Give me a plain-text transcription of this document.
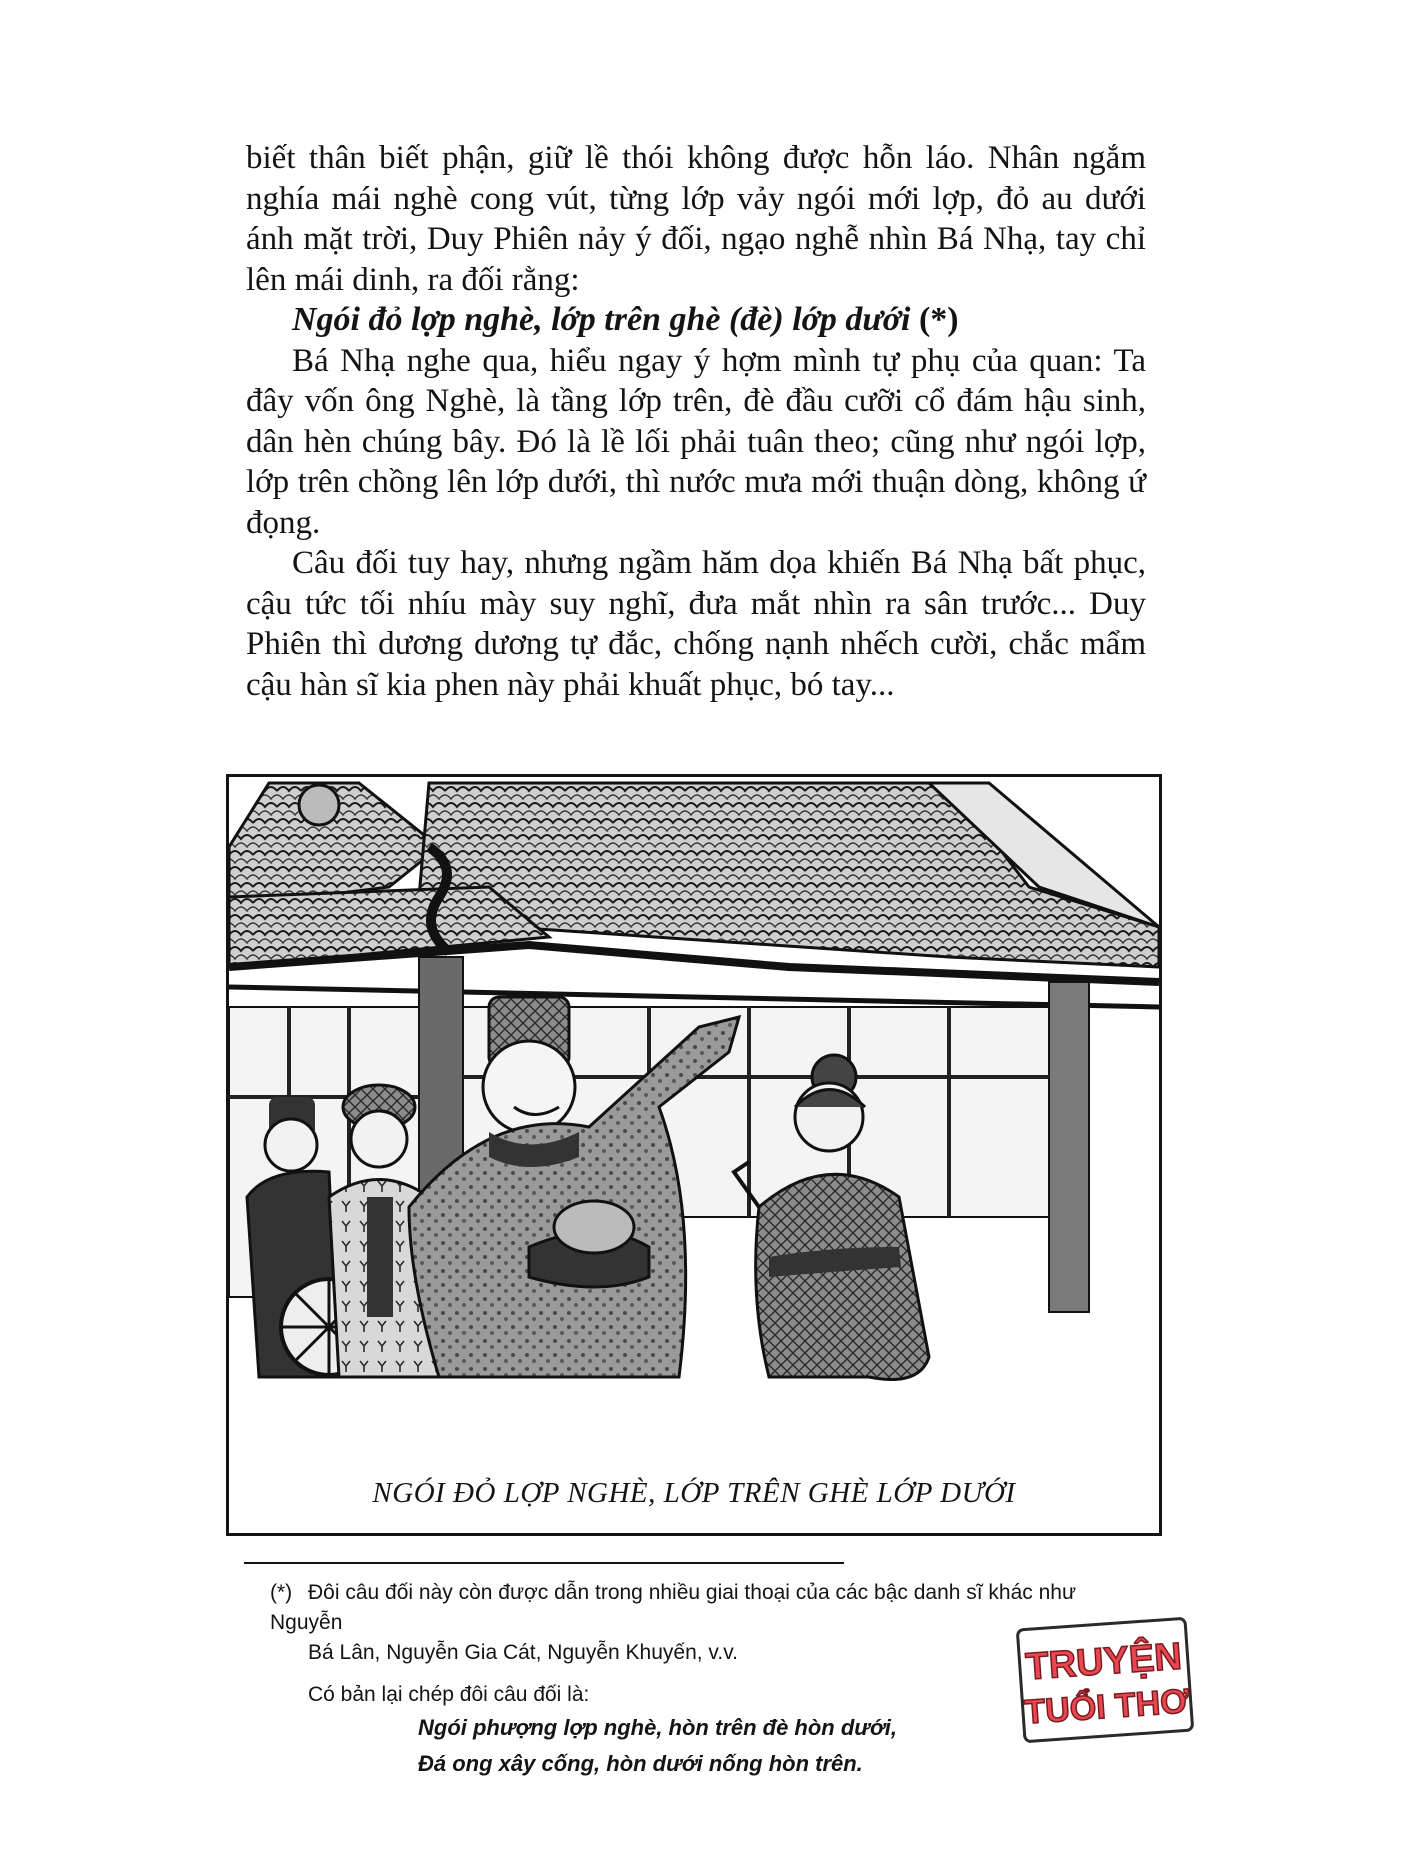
biết thân biết phận, giữ lề thói không được hỗn láo. Nhân ngắm nghía mái nghè cong vút, từng lớp vảy ngói mới lợp, đỏ au dưới ánh mặt trời, Duy Phiên nảy ý đối, ngạo nghễ nhìn Bá Nhạ, tay chỉ lên mái dinh, ra đối rằng:

Ngói đỏ lợp nghè, lớp trên ghè (đè) lớp dưới (*)

Bá Nhạ nghe qua, hiểu ngay ý hợm mình tự phụ của quan: Ta đây vốn ông Nghè, là tầng lớp trên, đè đầu cưỡi cổ đám hậu sinh, dân hèn chúng bây. Đó là lề lối phải tuân theo; cũng như ngói lợp, lớp trên chồng lên lớp dưới, thì nước mưa mới thuận dòng, không ứ đọng.

Câu đối tuy hay, nhưng ngầm hăm dọa khiến Bá Nhạ bất phục, cậu tức tối nhíu mày suy nghĩ, đưa mắt nhìn ra sân trước... Duy Phiên thì dương dương tự đắc, chống nạnh nhếch cười, chắc mẩm cậu hàn sĩ kia phen này phải khuất phục, bó tay...

NGÓI ĐỎ LỢP NGHÈ, LỚP TRÊN GHÈ LỚP DƯỚI

(*) Đôi câu đối này còn được dẫn trong nhiều giai thoại của các bậc danh sĩ khác như Nguyễn

Bá Lân, Nguyễn Gia Cát, Nguyễn Khuyến, v.v.

Có bản lại chép đôi câu đối là:

Ngói phượng lợp nghè, hòn trên đè hòn dưới,

Đá ong xây cống, hòn dưới nống hòn trên.

TRUYỆN
TUỔI THƠ
